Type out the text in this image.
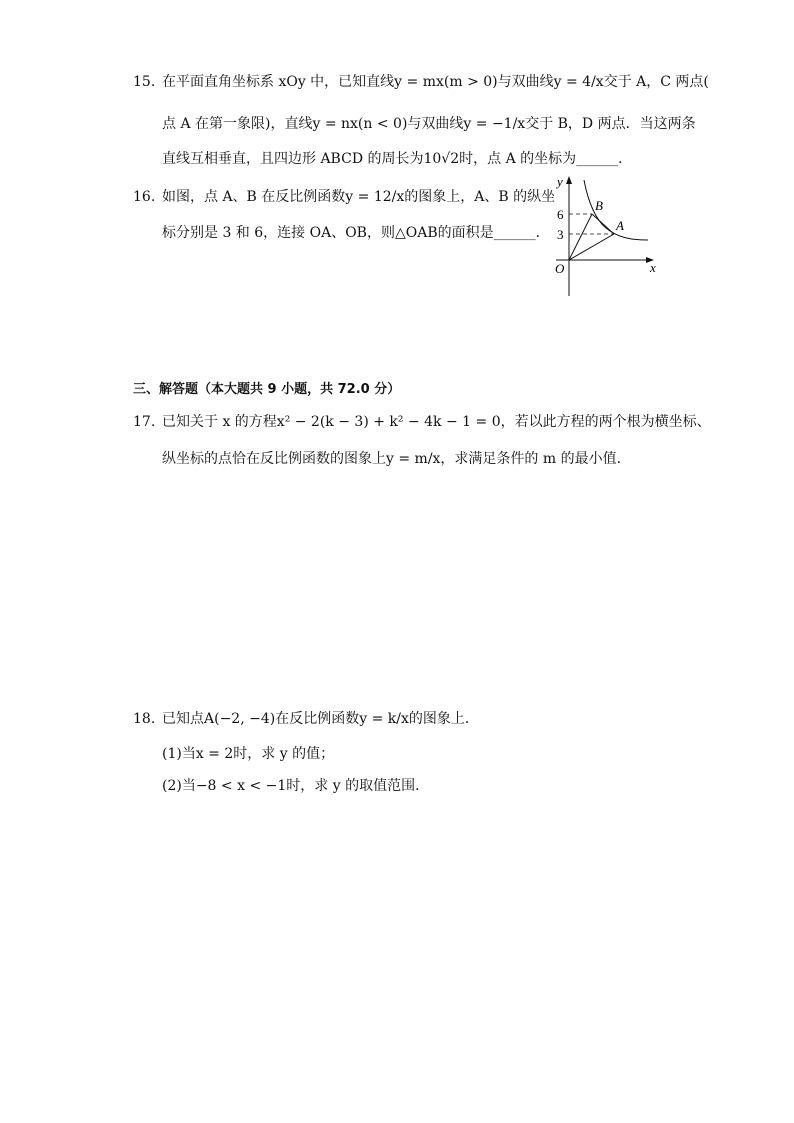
15. 在平面直角坐标系 xOy 中，已知直线y = mx(m > 0)与双曲线y = 4/x交于 A，C 两点(
点 A 在第一象限)，直线y = nx(n < 0)与双曲线y = −1/x交于 B，D 两点．当这两条
直线互相垂直，且四边形 ABCD 的周长为10√2时，点 A 的坐标为______．
16. 如图，点 A、B 在反比例函数y = 12/x的图象上，A、B 的纵坐
标分别是 3 和 6，连接 OA、OB，则△OAB的面积是______．
y
x
O
B
A
6
3
三、解答题（本大题共 9 小题，共 72.0 分）
17. 已知关于 x 的方程x² − 2(k − 3) + k² − 4k − 1 = 0，若以此方程的两个根为横坐标、
纵坐标的点恰在反比例函数的图象上y = m/x，求满足条件的 m 的最小值．
18. 已知点A(−2, −4)在反比例函数y = k/x的图象上．
(1)当x = 2时，求 y 的值；
(2)当−8 < x < −1时，求 y 的取值范围．
